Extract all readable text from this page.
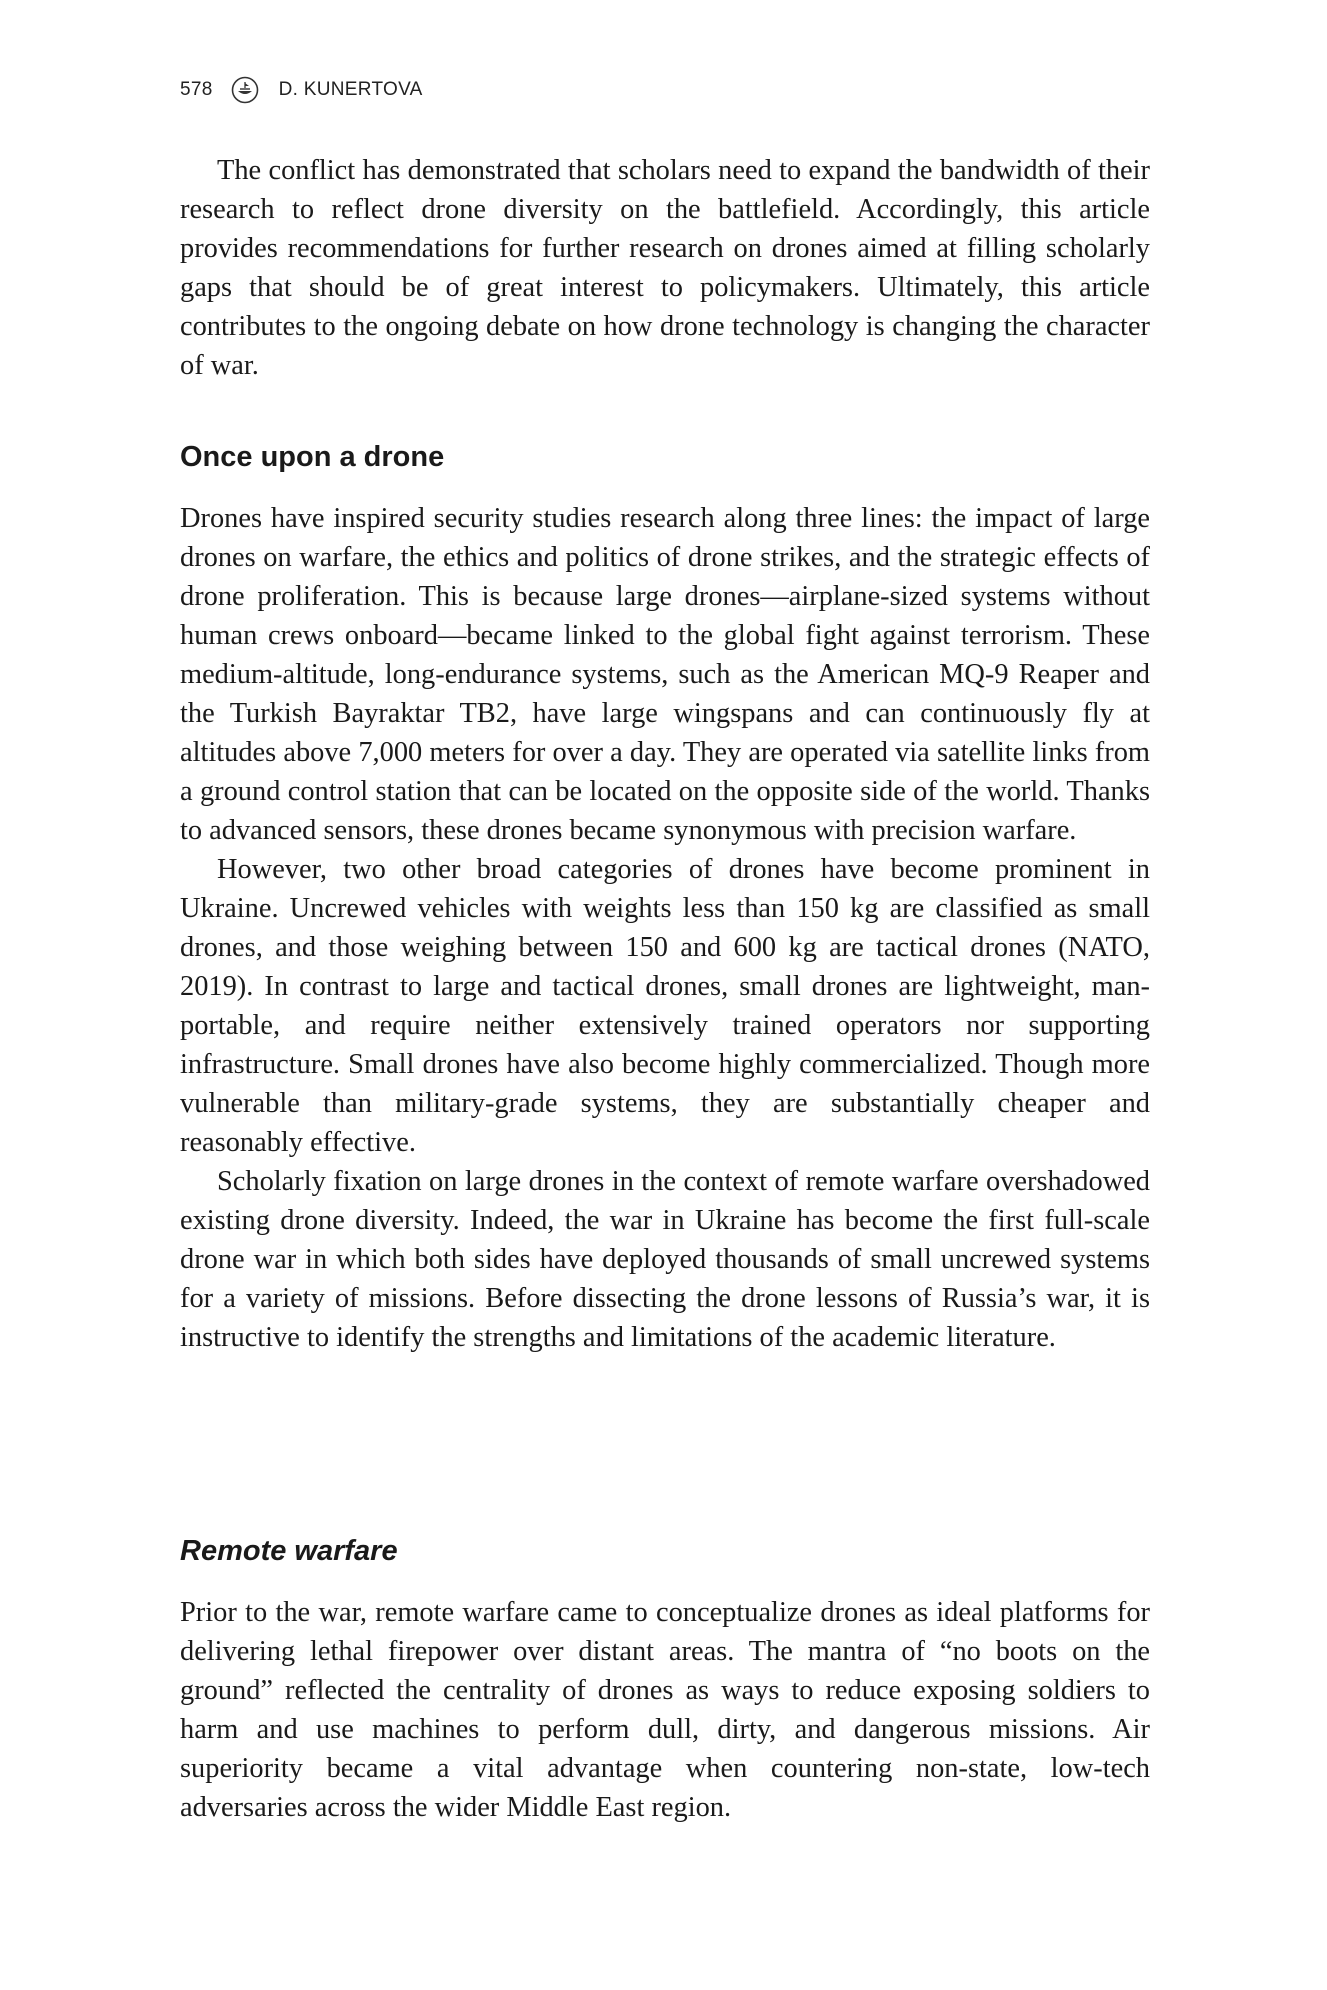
578	D. KUNERTOVA

The conflict has demonstrated that scholars need to expand the bandwidth of their research to reflect drone diversity on the battlefield. Accordingly, this article provides recommendations for further research on drones aimed at filling scholarly gaps that should be of great interest to policymakers. Ultimately, this article contributes to the ongoing debate on how drone technology is changing the character of war.

Once upon a drone

Drones have inspired security studies research along three lines: the impact of large drones on warfare, the ethics and politics of drone strikes, and the strategic effects of drone proliferation. This is because large drones—airplane-sized systems without human crews onboard—became linked to the global fight against terrorism. These medium-altitude, long-endurance systems, such as the American MQ-9 Reaper and the Turkish Bayraktar TB2, have large wingspans and can continuously fly at altitudes above 7,000 meters for over a day. They are operated via satellite links from a ground control station that can be located on the opposite side of the world. Thanks to advanced sensors, these drones became synonymous with precision warfare.

However, two other broad categories of drones have become prominent in Ukraine. Uncrewed vehicles with weights less than 150 kg are classified as small drones, and those weighing between 150 and 600 kg are tactical drones (NATO, 2019). In contrast to large and tactical drones, small drones are lightweight, man-portable, and require neither extensively trained operators nor supporting infrastructure. Small drones have also become highly commercialized. Though more vulnerable than military-grade systems, they are substantially cheaper and reasonably effective.

Scholarly fixation on large drones in the context of remote warfare overshadowed existing drone diversity. Indeed, the war in Ukraine has become the first full-scale drone war in which both sides have deployed thousands of small uncrewed systems for a variety of missions. Before dissecting the drone lessons of Russia’s war, it is instructive to identify the strengths and limitations of the academic literature.

Remote warfare

Prior to the war, remote warfare came to conceptualize drones as ideal platforms for delivering lethal firepower over distant areas. The mantra of “no boots on the ground” reflected the centrality of drones as ways to reduce exposing soldiers to harm and use machines to perform dull, dirty, and dangerous missions. Air superiority became a vital advantage when countering non-state, low-tech adversaries across the wider Middle East region.
